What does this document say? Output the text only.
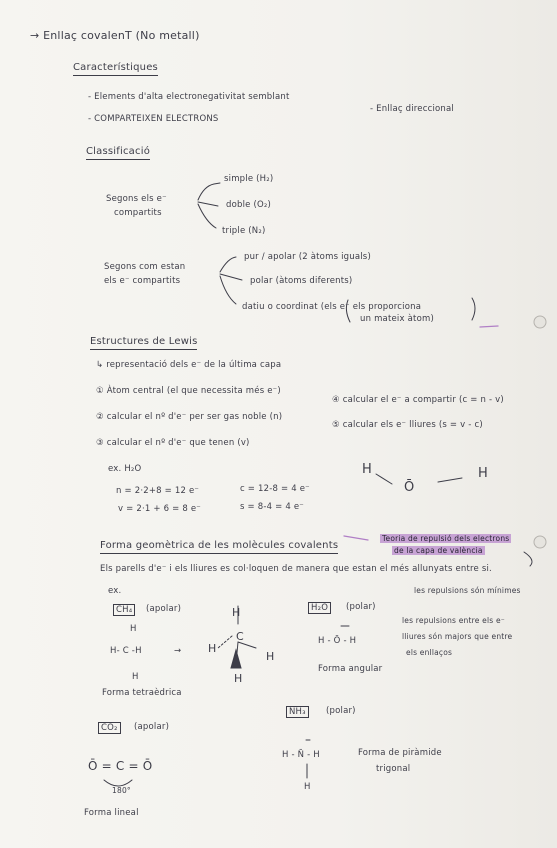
→ Enllaç covalenT (No metall)
Característiques
- Elements d'alta electronegativitat semblant
- COMPARTEIXEN ELECTRONS
- Enllaç direccional
Classificació
Segons els e⁻
compartits
simple (H₂)
doble (O₂)
triple (N₂)
Segons com estan
els e⁻ compartits
pur / apolar (2 àtoms iguals)
polar (àtoms diferents)
datiu o coordinat (els e⁻ els proporciona
un mateix àtom)
Estructures de Lewis
↳ representació dels e⁻ de la última capa
① Àtom central (el que necessita més e⁻)
② calcular el nº d'e⁻ per ser gas noble (n)
③ calcular el nº d'e⁻ que tenen (v)
④ calcular el e⁻ a compartir (c = n - v)
⑤ calcular els e⁻ lliures (s = v - c)
ex. H₂O
n = 2·2+8 = 12 e⁻
v = 2·1 + 6 = 8 e⁻
c = 12-8 = 4 e⁻
s = 8-4 = 4 e⁻
H
Ō
H
Forma geomètrica de les molècules covalents
Teoria de repulsió dels electrons
de la capa de valència
Els parells d'e⁻ i els lliures es col·loquen de manera que estan el més allunyats entre si.
les repulsions són mínimes
ex.
CH₄	(apolar)
H
H- C -H
H
→
Forma tetraèdrica
H₂O	(polar)
H - Ō - H
les repulsions entre els e⁻
lliures són majors que entre
els enllaços
Forma angular
NH₃	(polar)
H - N̄ - H
H
Forma de piràmide
trigonal
CO₂	(apolar)
Ō = C = Ō
180°
Forma lineal
H
C
H
H
H
